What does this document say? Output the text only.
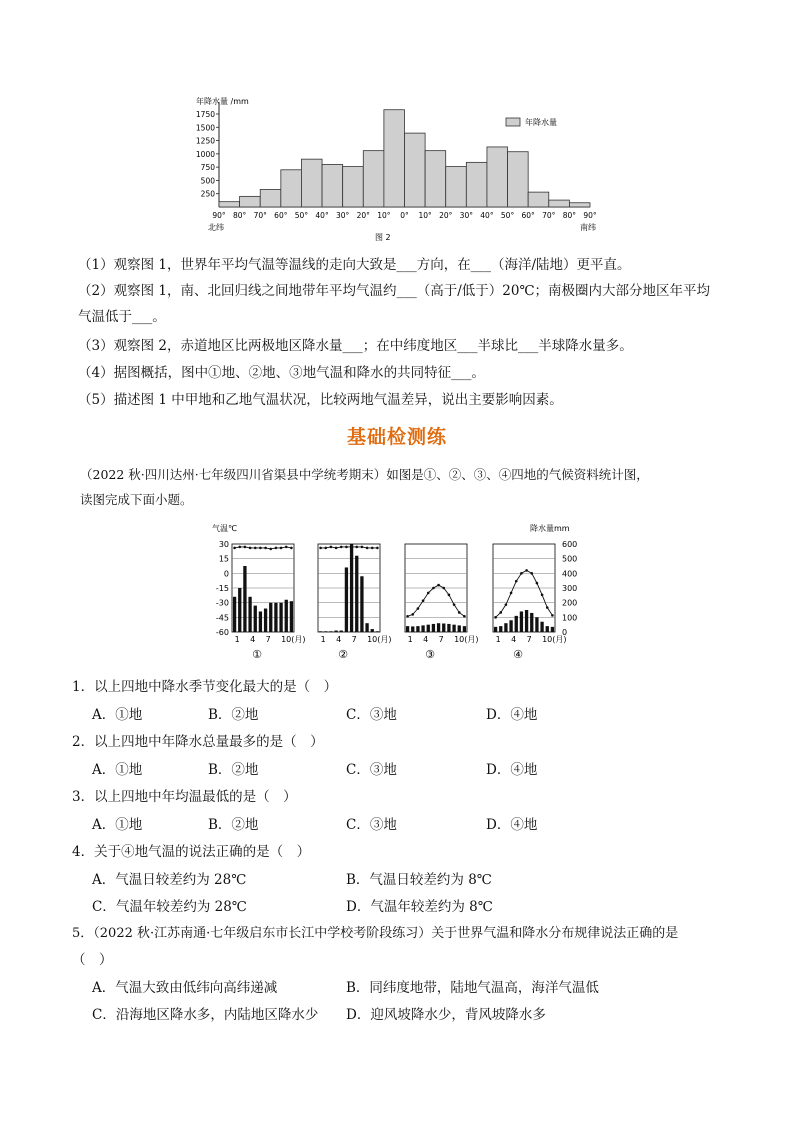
年降水量 /mm
250
500
750
1000
1250
1500
1750
90° 80° 70° 60° 50° 40° 30° 20° 10° 0° 10° 20° 30° 40° 50° 60° 70° 80° 90°
年降水量
北纬	南纬
图 2
（1）观察图 1，世界年平均气温等温线的走向大致是___方向，在___（海洋/陆地）更平直。
（2）观察图 1，南、北回归线之间地带年平均气温约___（高于/低于）20℃；南极圈内大部分地区年平均
气温低于___。
（3）观察图 2，赤道地区比两极地区降水量___；在中纬度地区___半球比___半球降水量多。
（4）据图概括，图中①地、②地、③地气温和降水的共同特征___。
（5）描述图 1 中甲地和乙地气温状况，比较两地气温差异，说出主要影响因素。
基础检测练
（2022 秋·四川达州·七年级四川省渠县中学统考期末）如图是①、②、③、④四地的气候资料统计图，
读图完成下面小题。
气温℃	降水量mm
30
15
0
-15
-30
-45
-60
600
500
400
300
200
100
0
1 4 7 10(月)
①
1 4 7 10(月)
②
1 4 7 10(月)
③
1 4 7 10(月)
④
1．以上四地中降水季节变化最大的是（　）
A．①地	B．②地	C．③地	D．④地
2．以上四地中年降水总量最多的是（　）
A．①地	B．②地	C．③地	D．④地
3．以上四地中年均温最低的是（　）
A．①地	B．②地	C．③地	D．④地
4．关于④地气温的说法正确的是（　）
A．气温日较差约为 28℃	B．气温日较差约为 8℃
C．气温年较差约为 28℃	D．气温年较差约为 8℃
5．（2022 秋·江苏南通·七年级启东市长江中学校考阶段练习）关于世界气温和降水分布规律说法正确的是
（　）
A．气温大致由低纬向高纬递减	B．同纬度地带，陆地气温高，海洋气温低
C．沿海地区降水多，内陆地区降水少 D．迎风坡降水少，背风坡降水多
